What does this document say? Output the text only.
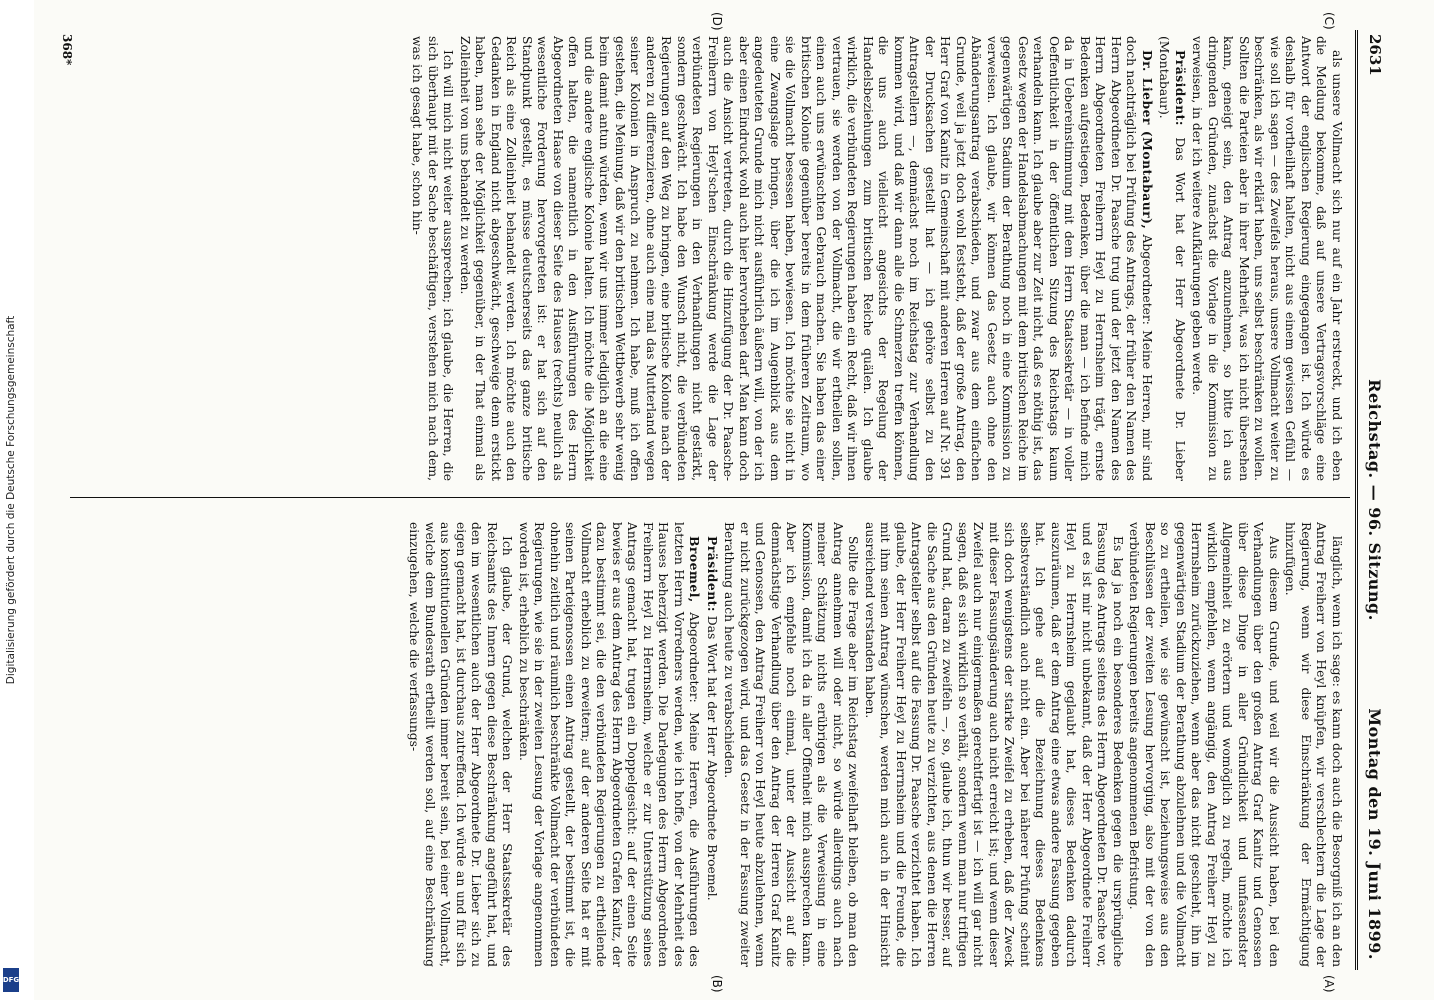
Digitalisierung gefördert durch die Deutsche Forschungsgemeinschaft
DFG
2631
Reichstag. — 96. Sitzung.
Montag den 19. Juni 1899.
(C)
(D)
(A)
(B)

als unsere Vollmacht sich nur auf ein Jahr erstreckt, und ich eben die Meldung bekomme, daß auf unsere Vertragsvorschläge eine Antwort der englischen Regierung eingegangen ist. Ich würde es deshalb für vortheilhaft halten, nicht aus einem gewissen Gefühl — wie soll ich sagen — des Zweifels heraus, unsere Vollmacht weiter zu beschränken, als wir erklärt haben, uns selbst beschränken zu wollen. Sollten die Parteien aber in ihrer Mehrheit, was ich nicht übersehen kann, geneigt sein, den Antrag anzunehmen, so bitte ich aus dringenden Gründen, zunächst die Vorlage in die Kommission zu verweisen, in der ich weitere Aufklärungen geben werde.

Präsident: Das Wort hat der Herr Abgeordnete Dr. Lieber (Montabaur).

Dr. Lieber (Montabaur), Abgeordneter: Meine Herren, mir sind doch nachträglich bei Prüfung des Antrags, der früher den Namen des Herrn Abgeordneten Dr. Paasche trug und der jetzt den Namen des Herrn Abgeordneten Freiherrn Heyl zu Herrnsheim trägt, ernste Bedenken aufgestiegen, Bedenken, über die man — ich befinde mich da in Uebereinstimmung mit dem Herrn Staatssekretär — in voller Oeffentlichkeit in der öffentlichen Sitzung des Reichstags kaum verhandeln kann. Ich glaube aber zur Zeit nicht, daß es nöthig ist, das Gesetz wegen der Handelsabmachungen mit dem britischen Reiche im gegenwärtigen Stadium der Berathung noch in eine Kommission zu verweisen. Ich glaube, wir können das Gesetz auch ohne den Abänderungsantrag verabschieden, und zwar aus dem einfachen Grunde, weil ja jetzt doch wohl feststeht, daß der große Antrag, den Herr Graf von Kanitz in Gemeinschaft mit anderen Herren auf Nr. 391 der Drucksachen gestellt hat — ich gehöre selbst zu den Antragstellern —, demnächst noch im Reichstag zur Verhandlung kommen wird, und daß wir dann alle die Schmerzen treffen können, die uns auch vielleicht angesichts der Regelung der Handelsbeziehungen zum britischen Reiche quälen. Ich glaube wirklich, die verbündeten Regierungen haben ein Recht, daß wir ihnen vertrauen, sie werden von der Vollmacht, die wir ertheilen sollen, einen auch uns erwünschten Gebrauch machen. Sie haben das einer britischen Kolonie gegenüber bereits in dem früheren Zeitraum, wo sie die Vollmacht besessen haben, bewiesen. Ich möchte sie nicht in eine Zwangslage bringen, über die ich im Augenblick aus dem angedeuteten Grunde mich nicht ausführlich äußern will, von der ich aber einen Eindruck wohl auch hier hervorheben darf. Man kann doch auch die Ansicht vertreten, durch die Hinzufügung der Dr. Paasche-Freiherrn von Heyl'schen Einschränkung werde die Lage der verbündeten Regierungen in den Verhandlungen nicht gestärkt, sondern geschwächt. Ich habe den Wunsch nicht, die verbündeten Regierungen auf den Weg zu bringen, eine britische Kolonie nach der anderen zu differenzieren, ohne auch eine mal das Mutterland wegen seiner Kolonien in Anspruch zu nehmen. Ich habe, muß ich offen gestehen, die Meinung, daß wir den britischen Wettbewerb sehr wenig beim damit antun würden, wenn wir uns immer lediglich an die eine und die andere englische Kolonie halten. Ich möchte die Möglichkeit offen halten, die namentlich in den Ausführungen des Herrn Abgeordneten Haase von dieser Seite des Hauses (rechts) neulich als wesentliche Forderung hervorgetreten ist: er hat sich auf den Standpunkt gestellt, es müsse deutscherseits das ganze britische Reich als eine Zolleinheit behandelt werden. Ich möchte auch den Gedanken in England nicht abgeschwächt, geschweige denn erstickt haben, man sehe der Möglichkeit gegenüber, in der That einmal als Zolleinheit von uns behandelt zu werden.

Ich will mich nicht weiter aussprechen; ich glaube, die Herren, die sich überhaupt mit der Sache beschäftigen, verstehen mich nach dem, was ich gesagt habe, schon hin-

länglich, wenn ich sage: es kann doch auch die Besorgniß ich an den Antrag Freiherr von Heyl knüpfen, wir verschlechtern die Lage der Regierung, wenn wir diese Einschränkung der Ermächtigung hinzufügen.

Aus diesem Grunde, und weil wir die Aussicht haben, bei den Verhandlungen über den großen Antrag Graf Kanitz und Genossen über diese Dinge in aller Gründlichkeit und umfassendster Allgemeinheit zu erörtern und womöglich zu regeln, möchte ich wirklich empfehlen, wenn angängig, den Antrag Freiherr Heyl zu Herrnsheim zurückzuziehen, wenn aber das nicht geschieht, ihn im gegenwärtigen Stadium der Berathung abzulehnen und die Vollmacht so zu ertheilen, wie sie gewünscht ist, beziehungsweise aus den Beschlüssen der zweiten Lesung hervorging, also mit der von den verbündeten Regierungen bereits angenommenen Befristung.

Es lag ja noch ein besonderes Bedenken gegen die ursprüngliche Fassung des Antrags seitens des Herrn Abgeordneten Dr. Paasche vor, und es ist mir nicht unbekannt, daß der Herr Abgeordnete Freiherr Heyl zu Herrnsheim geglaubt hat, dieses Bedenken dadurch auszuräumen, daß er dem Antrag eine etwas andere Fassung gegeben hat. Ich gehe auf die Bezeichnung dieses Bedenkens selbstverständlich auch nicht ein. Aber bei näherer Prüfung scheint sich doch wenigstens der starke Zweifel zu erheben, daß der Zweck mit dieser Fassungsänderung auch nicht erreicht ist; und wenn dieser Zweifel auch nur einigermaßen gerechtfertigt ist — ich will gar nicht sagen, daß es sich wirklich so verhält, sondern wenn man nur triftigen Grund hat, daran zu zweifeln —, so, glaube ich, thun wir besser, auf die Sache aus den Gründen heute zu verzichten, aus denen die Herren Antragsteller selbst auf die Fassung Dr. Paasche verzichtet haben. Ich glaube, der Herr Freiherr Heyl zu Herrnsheim und die Freunde, die mit ihm seinen Antrag wünschen, werden mich auch in der Hinsicht ausreichend verstanden haben.

Sollte die Frage aber im Reichstag zweifelhaft bleiben, ob man den Antrag annehmen will oder nicht, so würde allerdings auch nach meiner Schätzung nichts erübrigen als die Verweisung in eine Kommission, damit ich da in aller Offenheit mich aussprechen kann. Aber ich empfehle noch einmal, unter der Aussicht auf die demnächstige Verhandlung über den Antrag der Herren Graf Kanitz und Genossen, den Antrag Freiherr von Heyl heute abzulehnen, wenn er nicht zurückgezogen wird, und das Gesetz in der Fassung zweiter Berathung auch heute zu verabschieden.

Präsident: Das Wort hat der Herr Abgeordnete Broemel.

Broemel, Abgeordneter: Meine Herren, die Ausführungen des letzten Herrn Vorredners werden, wie ich hoffe, von der Mehrheit des Hauses beherzigt werden. Die Darlegungen des Herrn Abgeordneten Freiherrn Heyl zu Herrnsheim, welche er zur Unterstützung seines Antrags gemacht hat, trugen ein Doppelgesicht: auf der einen Seite bewies er aus dem Antrag des Herrn Abgeordneten Grafen Kanitz, der dazu bestimmt sei, die den verbündeten Regierungen zu ertheilende Vollmacht erheblich zu erweitern; auf der anderen Seite hat er mit seinen Parteigenossen einen Antrag gestellt, der bestimmt ist, die ohnehin zeitlich und räumlich beschränkte Vollmacht der verbündeten Regierungen, wie sie in der zweiten Lesung der Vorlage angenommen worden ist, erheblich zu beschränken.

Ich glaube, der Grund, welchen der Herr Staatssekretär des Reichsamts des Innern gegen diese Beschränkung angeführt hat, und den im wesentlichen auch der Herr Abgeordnete Dr. Lieber sich zu eigen gemacht hat, ist durchaus zutreffend. Ich würde an und für sich aus konstitutionellen Gründen immer bereit sein, bei einer Vollmacht, welche dem Bundesrath ertheilt werden soll, auf eine Beschränkung einzugehen, welche die verfassungs-

368*
